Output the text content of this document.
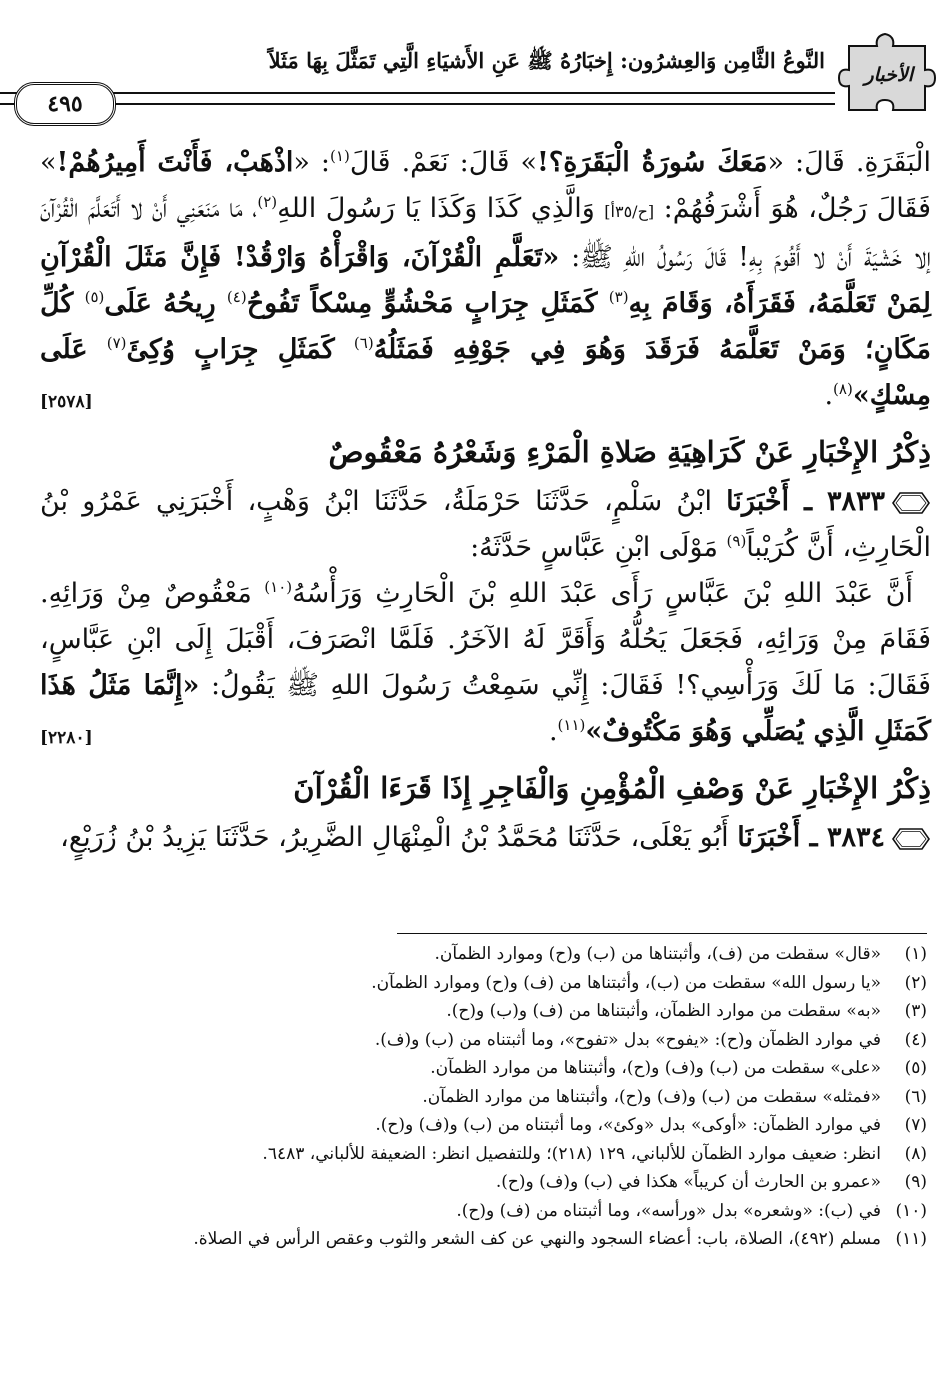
الأخبار
النَّوعُ الثَّامِن وَالعِشرُون: إِخبَارُهُ ﷺ عَنِ الأَشيَاءِ الَّتِي تَمَثَّلَ بِهَا مَثَلاً
٤٩٥

الْبَقَرَةِ. قَالَ: «مَعَكَ سُورَةُ الْبَقَرَةِ؟!» قَالَ: نَعَمْ. قَالَ$^{(١)}$: «اذْهَبْ، فَأَنْتَ أَمِيرُهُمْ!» فَقَالَ رَجُلٌ، هُوَ أَشْرَفُهُمْ: [ح/٣٥أ] وَالَّذِي كَذَا وَكَذَا يَا رَسُولَ اللهِ$^{(٢)}$، مَا مَنَعَنِي أَنْ لا أَتَعَلَّمَ الْقُرْآنَ إلا خَشْيَةَ أَنْ لا أَقُومَ بِهِ! قَالَ رَسُولُ اللهِ ﷺ: «تَعَلَّمِ الْقُرْآنَ، وَاقْرَأْهُ وَارْقُدْ! فَإِنَّ مَثَلَ الْقُرْآنِ لِمَنْ تَعَلَّمَهُ، فَقَرَأَهُ، وَقَامَ بِهِ$^{(٣)}$ كَمَثَلِ جِرَابٍ مَحْشُوٍّ مِسْكاً تَفُوحُ$^{(٤)}$ رِيحُهُ عَلَى$^{(٥)}$ كُلِّ مَكَانٍ؛ وَمَنْ تَعَلَّمَهُ فَرَقَدَ وَهُوَ فِي جَوْفِهِ فَمَثَلُهُ$^{(٦)}$ كَمَثَلِ جِرَابٍ وُكِئَ$^{(٧)}$ عَلَى مِسْكٍ»$^{(٨)}$.
[٢٥٧٨]

ذِكْرُ الإِخْبَارِ عَنْ كَرَاهِيَةِ صَلاةِ الْمَرْءِ وَشَعْرُهُ مَعْقُوصٌ

٣٨٣٣ ـ أَخْبَرَنَا ابْنُ سَلْمٍ، حَدَّثَنَا حَرْمَلَةُ، حَدَّثَنَا ابْنُ وَهْبٍ، أَخْبَرَنِي عَمْرُو بْنُ الْحَارِثِ، أَنَّ كُرَيْباً$^{(٩)}$ مَوْلَى ابْنِ عَبَّاسٍ حَدَّثَهُ:

أَنَّ عَبْدَ اللهِ بْنَ عَبَّاسٍ رَأَى عَبْدَ اللهِ بْنَ الْحَارِثِ وَرَأْسُهُ$^{(١٠)}$ مَعْقُوصٌ مِنْ وَرَائِهِ. فَقَامَ مِنْ وَرَائِهِ، فَجَعَلَ يَحُلُّهُ وَأَقَرَّ لَهُ الآخَرُ. فَلَمَّا انْصَرَفَ، أَقْبَلَ إِلَى ابْنِ عَبَّاسٍ، فَقَالَ: مَا لَكَ وَرَأْسِي؟! فَقَالَ: إِنِّي سَمِعْتُ رَسُولَ اللهِ ﷺ يَقُولُ: «إِنَّمَا مَثَلُ هَذَا كَمَثَلِ الَّذِي يُصَلِّي وَهُوَ مَكْتُوفٌ»$^{(١١)}$.
[٢٢٨٠]

ذِكْرُ الإِخْبَارِ عَنْ وَصْفِ الْمُؤْمِنِ وَالْفَاجِرِ إِذَا قَرَءَا الْقُرْآنَ

٣٨٣٤ ـ أَخْبَرَنَا أَبُو يَعْلَى، حَدَّثَنَا مُحَمَّدُ بْنُ الْمِنْهَالِ الضَّرِيرُ، حَدَّثَنَا يَزِيدُ بْنُ زُرَيْعٍ،

(١)
«قال» سقطت من (ف)، وأثبتناها من (ب) و(ح) وموارد الظمآن.
(٢)
«يا رسول الله» سقطت من (ب)، وأثبتناها من (ف) و(ح) وموارد الظمآن.
(٣)
«به» سقطت من موارد الظمآن، وأثبتناها من (ف) و(ب) و(ح).
(٤)
في موارد الظمآن و(ح): «يفوح» بدل «تفوح»، وما أثبتناه من (ب) و(ف).
(٥)
«على» سقطت من (ب) و(ف) و(ح)، وأثبتناها من موارد الظمآن.
(٦)
«فمثله» سقطت من (ب) و(ف) و(ح)، وأثبتناها من موارد الظمآن.
(٧)
في موارد الظمآن: «أوكى» بدل «وكئ»، وما أثبتناه من (ب) و(ف) و(ح).
(٨)
انظر: ضعيف موارد الظمآن للألباني، ١٢٩ (٢١٨)؛ وللتفصيل انظر: الضعيفة للألباني، ٦٤٨٣.
(٩)
«عمرو بن الحارث أن كريباً» هكذا في (ب) و(ف) و(ح).
(١٠)
في (ب): «وشعره» بدل «ورأسه»، وما أثبتناه من (ف) و(ح).
(١١)
مسلم (٤٩٢)، الصلاة، باب: أعضاء السجود والنهي عن كف الشعر والثوب وعقص الرأس في الصلاة.
